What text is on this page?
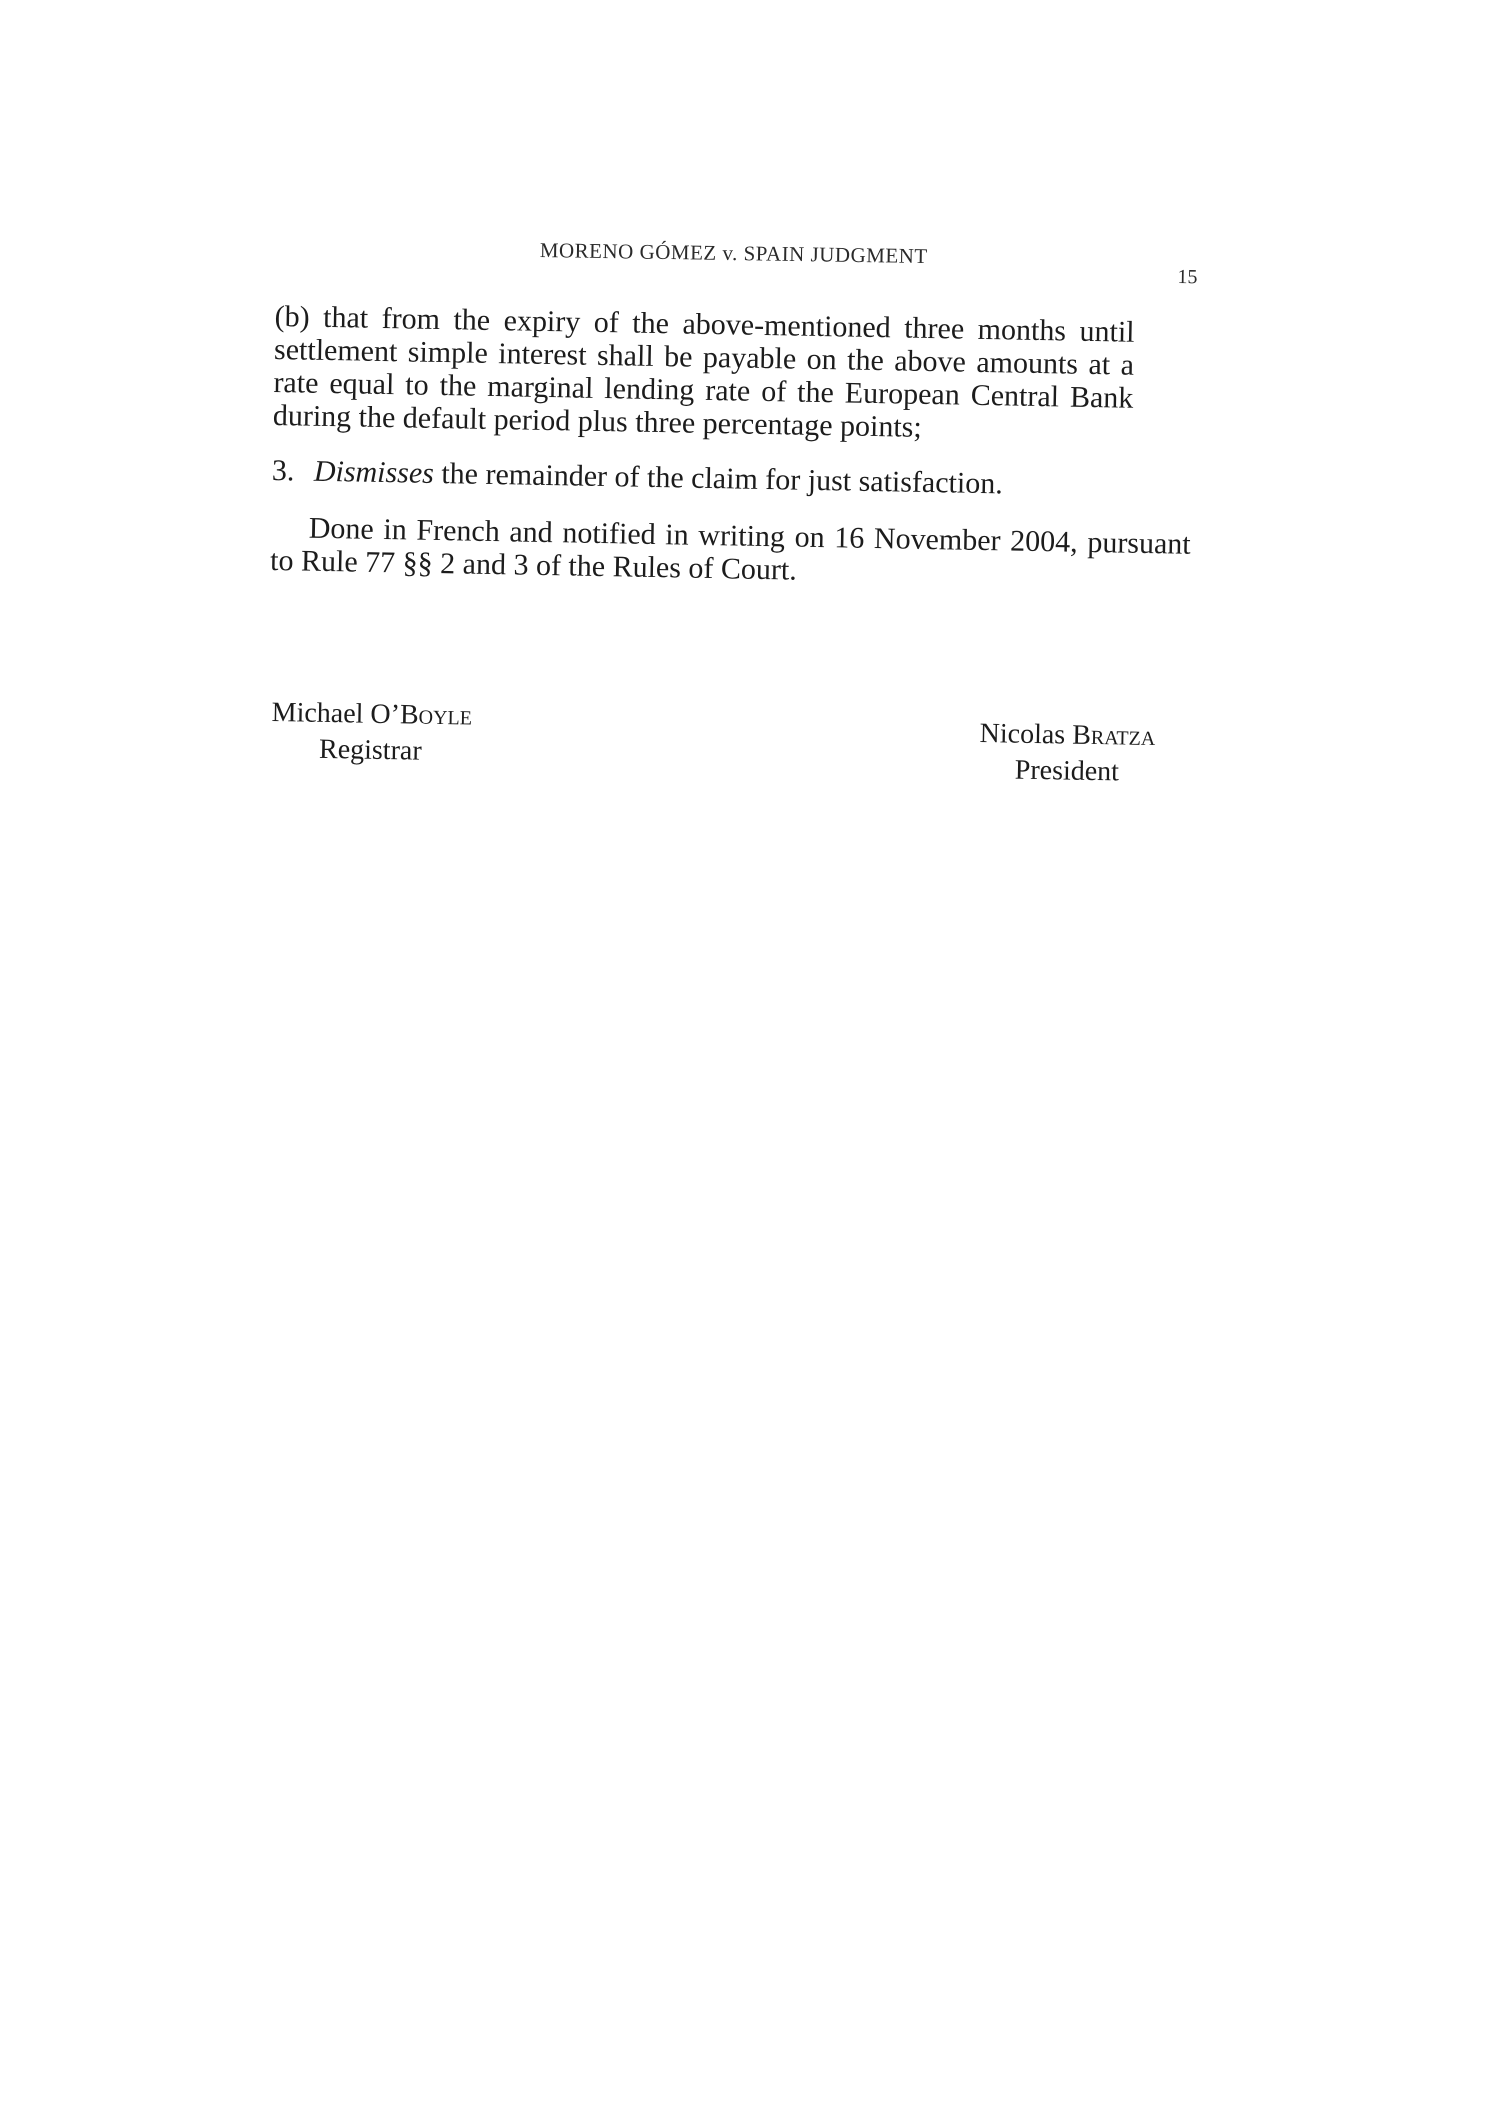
MORENO GÓMEZ v. SPAIN JUDGMENT
15

(b) that from the expiry of the above-mentioned three months until settlement simple interest shall be payable on the above amounts at a rate equal to the marginal lending rate of the European Central Bank during the default period plus three percentage points;

3. Dismisses the remainder of the claim for just satisfaction.

Done in French and notified in writing on 16 November 2004, pursuant to Rule 77 §§ 2 and 3 of the Rules of Court.

Michael O’Boyle
Registrar	Nicolas Bratza
President
